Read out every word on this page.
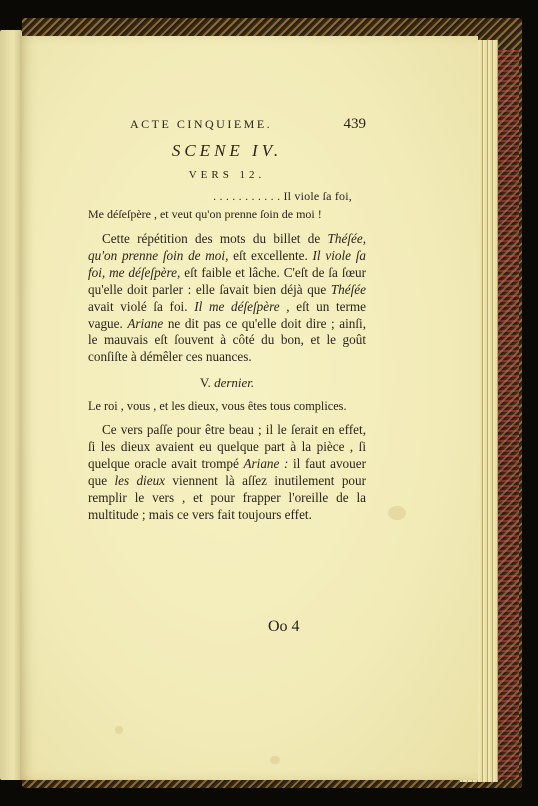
ACTE CINQUIEME.	439
SCENE IV.
VERS 12.
. . . . . . . . . . . Il viole ſa foi,
Me déſeſpère , et veut qu'on prenne ſoin de moi !
Cette répétition des mots du billet de Théſée, qu'on prenne ſoin de moi, eſt excellente. Il viole ſa foi, me déſeſpère, eſt faible et lâche. C'eſt de ſa ſœur qu'elle doit parler : elle ſavait bien déjà que Théſée avait violé ſa foi. Il me déſeſpère , eſt un terme vague. Ariane ne dit pas ce qu'elle doit dire ; ainſi, le mauvais eſt ſouvent à côté du bon, et le goût conſiſte à démêler ces nuances.
V. dernier.
Le roi , vous , et les dieux, vous êtes tous complices.
Ce vers paſſe pour être beau ; il le ſerait en effet, ſi les dieux avaient eu quelque part à la pièce , ſi quelque oracle avait trompé Ariane : il faut avouer que les dieux viennent là aſſez inutilement pour remplir le vers , et pour frapper l'oreille de la multitude ; mais ce vers fait toujours effet.
Oo 4
